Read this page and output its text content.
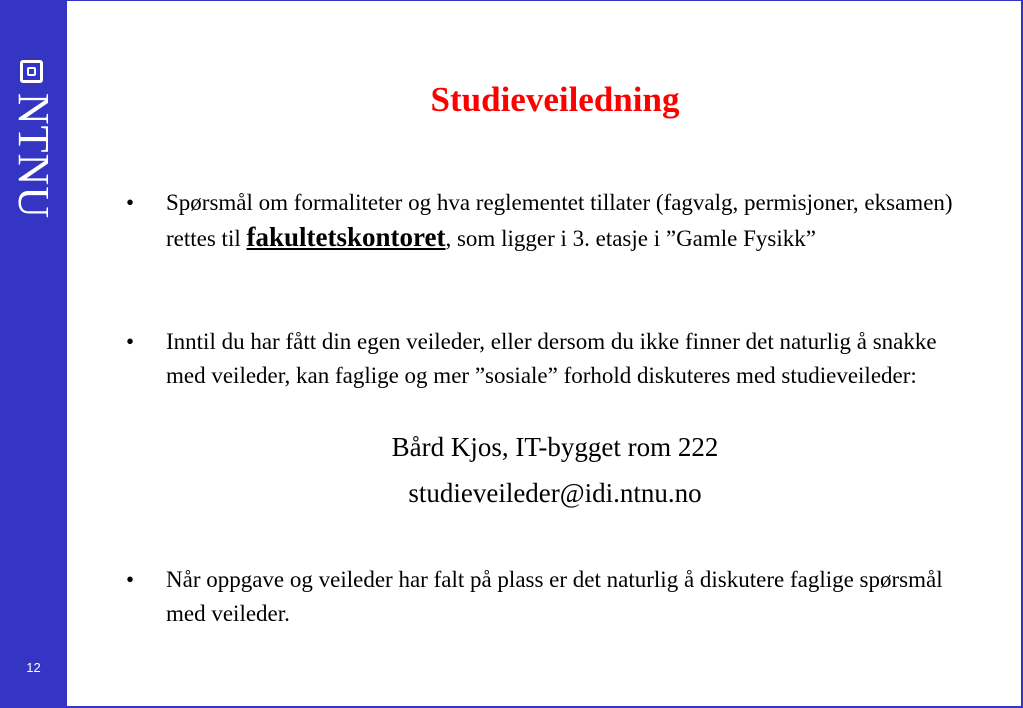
NTNU
12
Studieveiledning
• Spørsmål om formaliteter og hva reglementet tillater (fagvalg, permisjoner, eksamen) rettes til fakultetskontoret, som ligger i 3. etasje i ”Gamle Fysikk”
• Inntil du har fått din egen veileder, eller dersom du ikke finner det naturlig å snakke med veileder, kan faglige og mer ”sosiale” forhold diskuteres med studieveileder:
Bård Kjos, IT-bygget rom 222
studieveileder@idi.ntnu.no
• Når oppgave og veileder har falt på plass er det naturlig å diskutere faglige spørsmål med veileder.
